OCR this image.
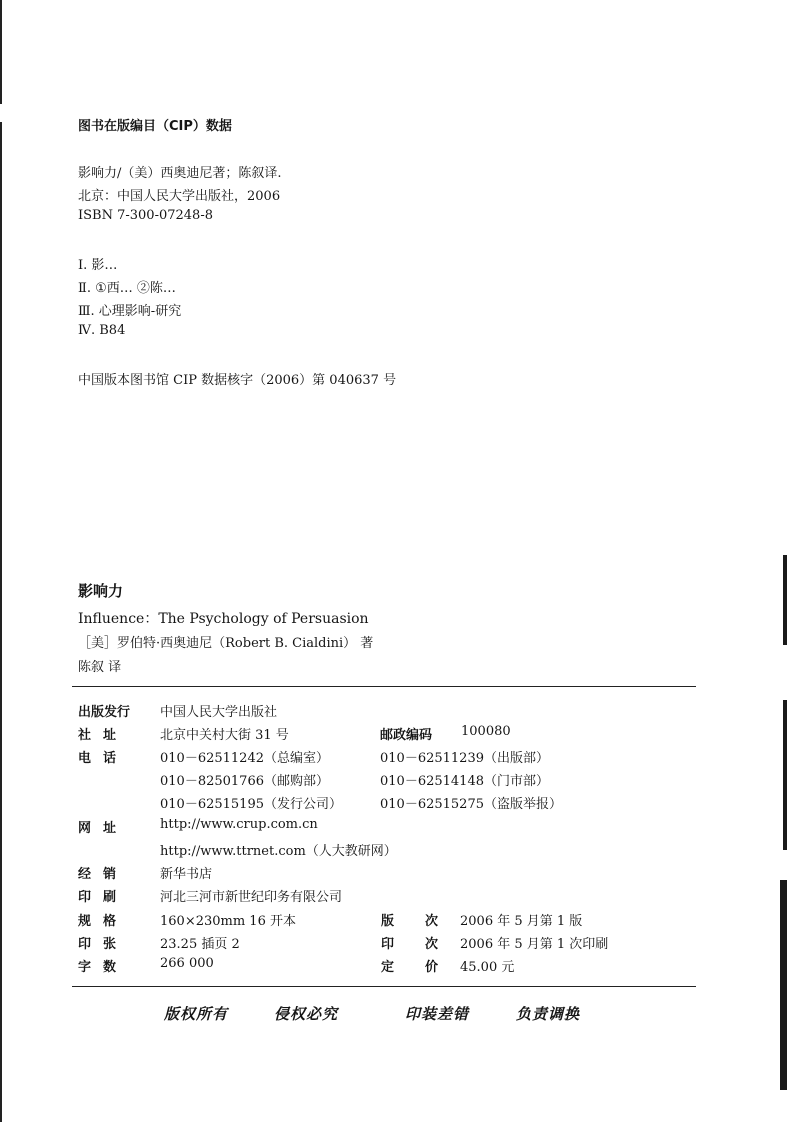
图书在版编目（CIP）数据
影响力/（美）西奥迪尼著；陈叙译.
北京：中国人民大学出版社，2006
ISBN 7-300-07248-8
Ⅰ. 影…
Ⅱ. ①西… ②陈…
Ⅲ. 心理影响-研究
Ⅳ. B84
中国版本图书馆 CIP 数据核字（2006）第 040637 号
影响力
Influence：The Psychology of Persuasion
［美］罗伯特·西奥迪尼（Robert B. Cialdini） 著
陈叙 译
出版发行 中国人民大学出版社
社 址	北京中关村大街 31 号	邮政编码 100080
电 话	010－62511242（总编室）	010－62511239（出版部）
010－82501766（邮购部）	010－62514148（门市部）
010－62515195（发行公司）	010－62515275（盗版举报）
网 址	http://www.crup.com.cn
http://www.ttrnet.com（人大教研网）
经 销	新华书店
印 刷	河北三河市新世纪印务有限公司
规 格	160×230mm 16 开本	版 次 2006 年 5 月第 1 版
印 张	23.25 插页 2	印 次 2006 年 5 月第 1 次印刷
字 数	266 000	定 价 45.00 元
版权所有	侵权必究	印装差错	负责调换
